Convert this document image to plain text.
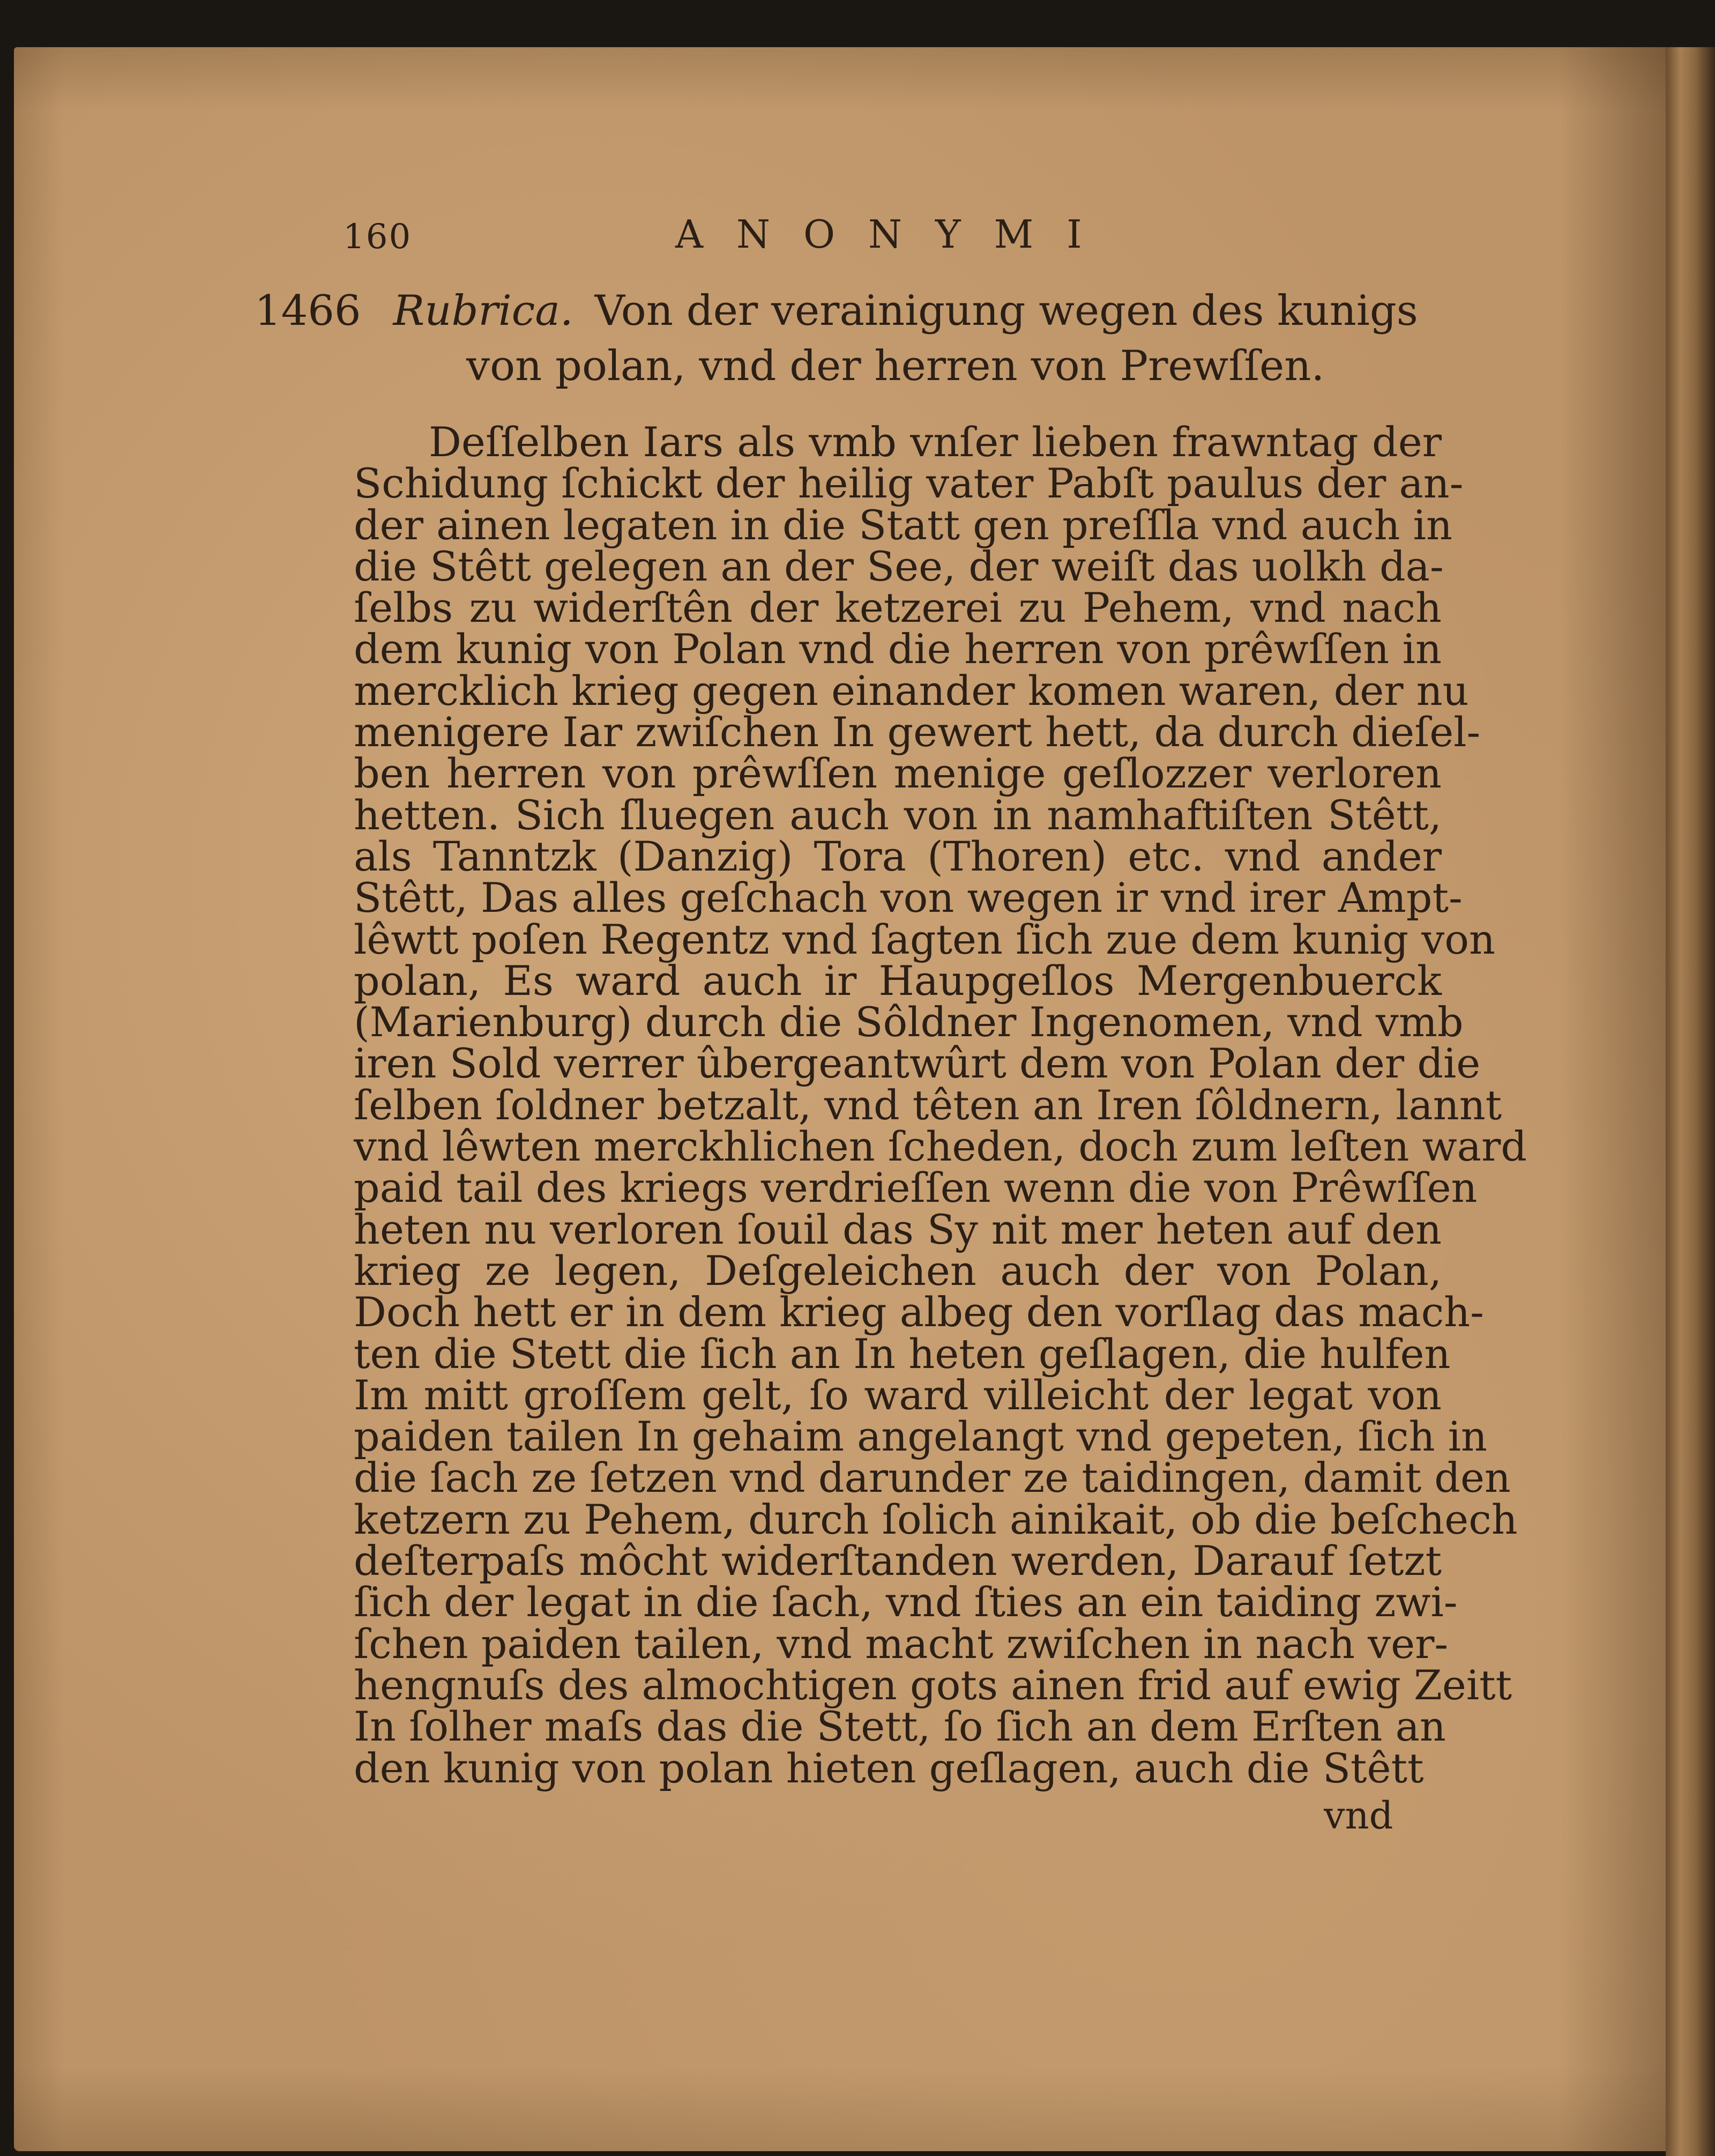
160	ANONYMI
1466 Rubrica. Von der verainigung wegen des kunigs
von polan, vnd der herren von Prewſſen.
Deſſelben Iars als vmb vnſer lieben frawntag der
Schidung ſchickt der heilig vater Pabſt paulus der an-
der ainen legaten in die Statt gen preſſla vnd auch in
die Stêtt gelegen an der See, der weiſt das uolkh da-
ſelbs zu widerſtên der ketzerei zu Pehem, vnd nach
dem kunig von Polan vnd die herren von prêwſſen in
mercklich krieg gegen einander komen waren, der nu
menigere Iar zwiſchen In gewert hett, da durch dieſel-
ben herren von prêwſſen menige geſlozzer verloren
hetten. Sich ſluegen auch von in namhaftiſten Stêtt,
als Tanntzk (Danzig) Tora (Thoren) etc. vnd ander
Stêtt, Das alles geſchach von wegen ir vnd irer Ampt-
lêwtt poſen Regentz vnd ſagten ſich zue dem kunig von
polan, Es ward auch ir Haupgeſlos Mergenbuerck
(Marienburg) durch die Sôldner Ingenomen, vnd vmb
iren Sold verrer ûbergeantwûrt dem von Polan der die
ſelben ſoldner betzalt, vnd têten an Iren ſôldnern, lannt
vnd lêwten merckhlichen ſcheden, doch zum leſten ward
paid tail des kriegs verdrieſſen wenn die von Prêwſſen
heten nu verloren ſouil das Sy nit mer heten auf den
krieg ze legen, Deſgeleichen auch der von Polan,
Doch hett er in dem krieg albeg den vorſlag das mach-
ten die Stett die ſich an In heten geſlagen, die hulfen
Im mitt groſſem gelt, ſo ward villeicht der legat von
paiden tailen In gehaim angelangt vnd gepeten, ſich in
die ſach ze ſetzen vnd darunder ze taidingen, damit den
ketzern zu Pehem, durch ſolich ainikait, ob die beſchech
deſterpaſs môcht widerſtanden werden, Darauf ſetzt
ſich der legat in die ſach, vnd ſties an ein taiding zwi-
ſchen paiden tailen, vnd macht zwiſchen in nach ver-
hengnuſs des almochtigen gots ainen frid auf ewig Zeitt
In ſolher maſs das die Stett, ſo ſich an dem Erſten an
den kunig von polan hieten geſlagen, auch die Stêtt
vnd
